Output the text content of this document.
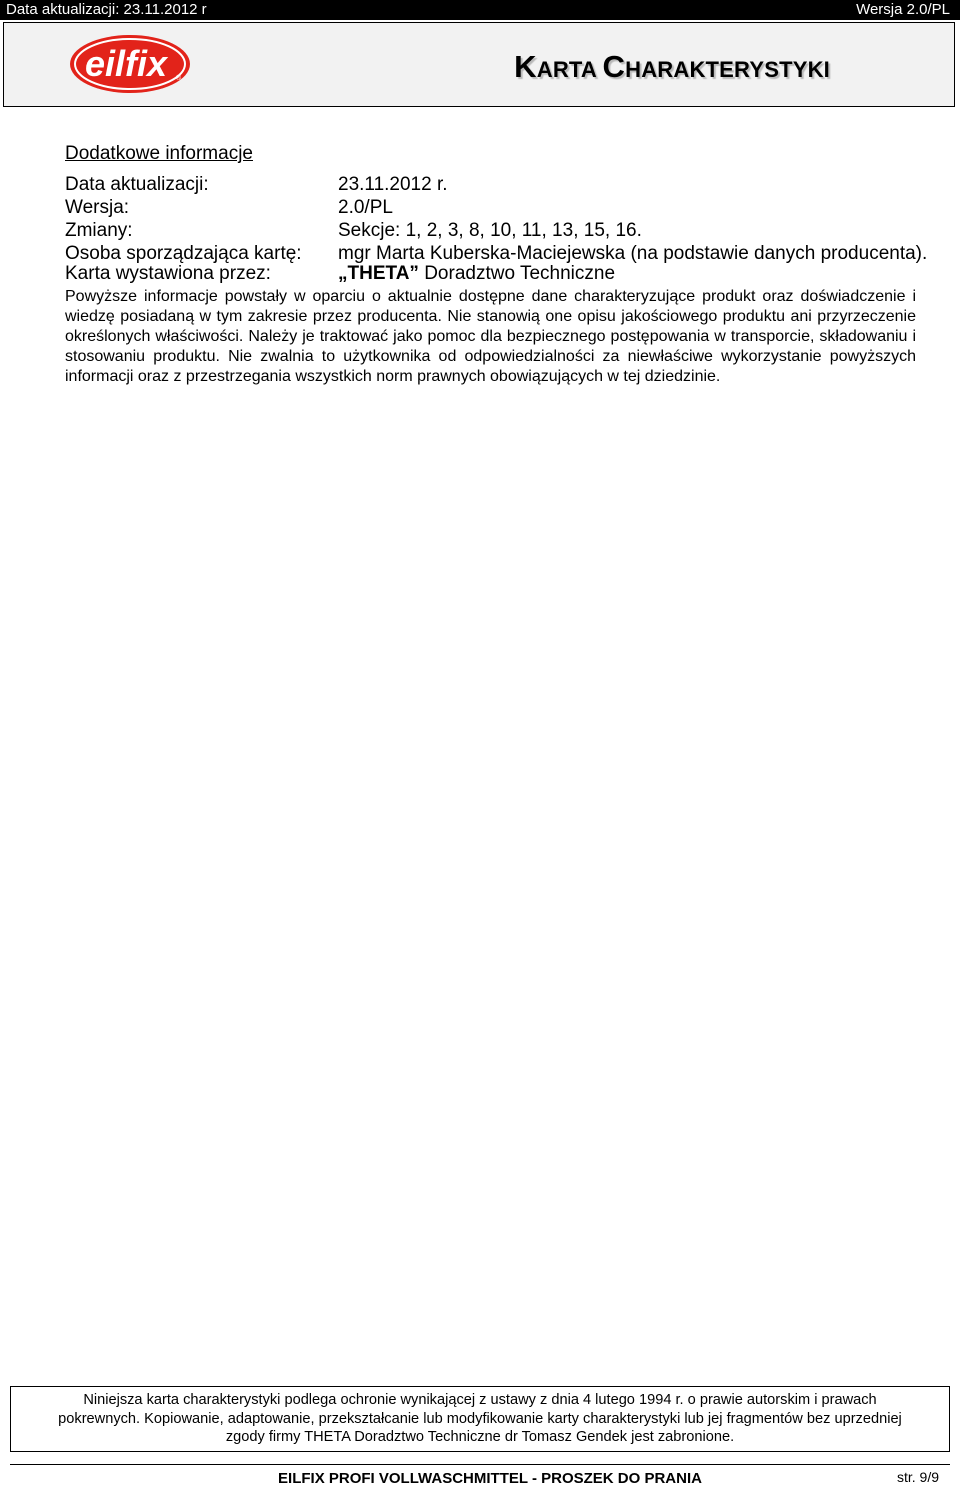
Data aktualizacji: 23.11.2012 r	Wersja 2.0/PL
eilfix ®	KARTA CHARAKTERYSTYKI
Dodatkowe informacje
Data aktualizacji:	23.11.2012 r.
Wersja:	2.0/PL
Zmiany:	Sekcje: 1, 2, 3, 8, 10, 11, 13, 15, 16.
Osoba sporządzająca kartę: mgr Marta Kuberska-Maciejewska (na podstawie danych producenta).
Karta wystawiona przez:	„THETA” Doradztwo Techniczne
Powyższe informacje powstały w oparciu o aktualnie dostępne dane charakteryzujące produkt oraz doświadczenie i wiedzę posiadaną w tym zakresie przez producenta. Nie stanowią one opisu jakościowego produktu ani przyrzeczenie określonych właściwości. Należy je traktować jako pomoc dla bezpiecznego postępowania w transporcie, składowaniu i stosowaniu produktu. Nie zwalnia to użytkownika od odpowiedzialności za niewłaściwe wykorzystanie powyższych informacji oraz z przestrzegania wszystkich norm prawnych obowiązujących w tej dziedzinie.
Niniejsza karta charakterystyki podlega ochronie wynikającej z ustawy z dnia 4 lutego 1994 r. o prawie autorskim i prawach
pokrewnych. Kopiowanie, adaptowanie, przekształcanie lub modyfikowanie karty charakterystyki lub jej fragmentów bez uprzedniej
zgody firmy THETA Doradztwo Techniczne dr Tomasz Gendek jest zabronione.
EILFIX PROFI VOLLWASCHMITTEL - PROSZEK DO PRANIA	str. 9/9
